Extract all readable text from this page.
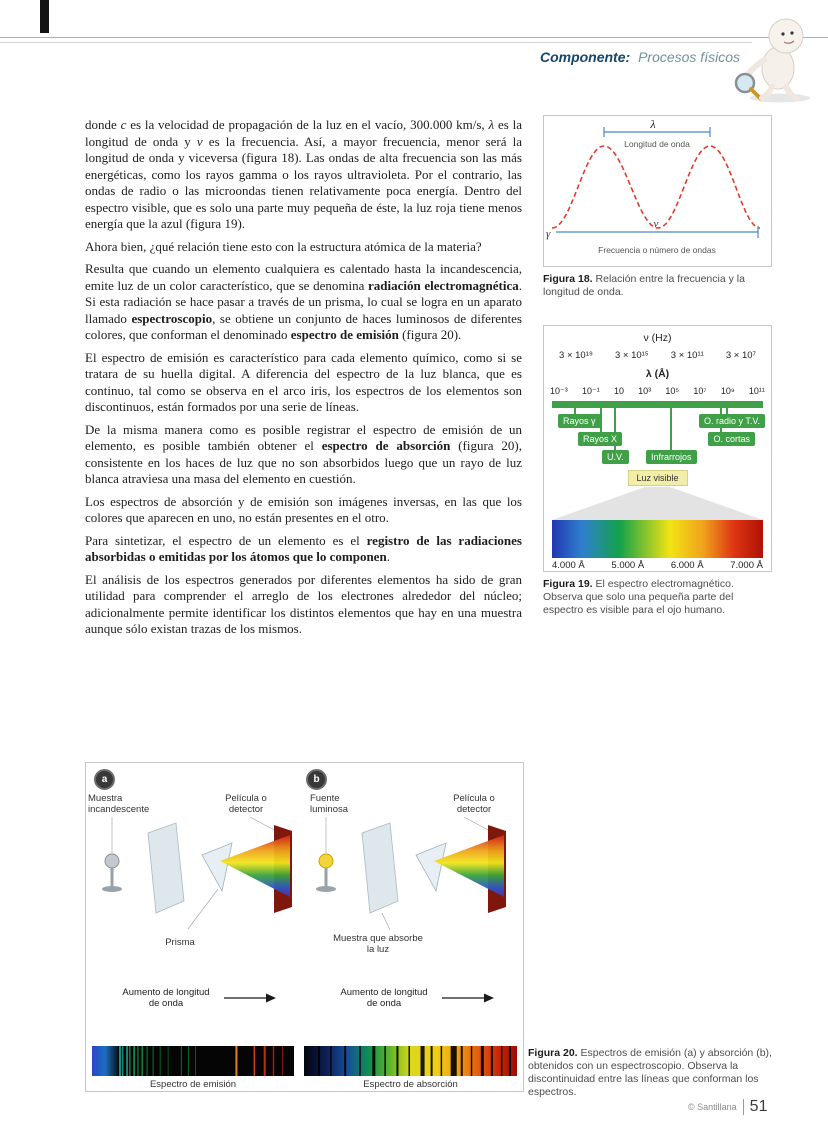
Componente: Procesos físicos

donde c es la velocidad de propagación de la luz en el vacío, 300.000 km/s, λ es la longitud de onda y ν es la frecuencia. Así, a mayor frecuencia, menor será la longitud de onda y viceversa (figura 18). Las ondas de alta frecuencia son las más energéticas, como los rayos gamma o los rayos ultravioleta. Por el contrario, las ondas de radio o las microondas tienen relativamente poca energía. Dentro del espectro visible, que es solo una parte muy pequeña de éste, la luz roja tiene menos energía que la azul (figura 19).

Ahora bien, ¿qué relación tiene esto con la estructura atómica de la materia?

Resulta que cuando un elemento cualquiera es calentado hasta la incandescencia, emite luz de un color característico, que se denomina radiación electromagnética. Si esta radiación se hace pasar a través de un prisma, lo cual se logra en un aparato llamado espectroscopio, se obtiene un conjunto de haces luminosos de diferentes colores, que conforman el denominado espectro de emisión (figura 20).

El espectro de emisión es característico para cada elemento químico, como si se tratara de su huella digital. A diferencia del espectro de la luz blanca, que es continuo, tal como se observa en el arco iris, los espectros de los elementos son discontinuos, están formados por una serie de líneas.

De la misma manera como es posible registrar el espectro de emisión de un elemento, es posible también obtener el espectro de absorción (figura 20), consistente en los haces de luz que no son absorbidos luego que un rayo de luz blanca atraviesa una masa del elemento en cuestión.

Los espectros de absorción y de emisión son imágenes inversas, en las que los colores que aparecen en uno, no están presentes en el otro.

Para sintetizar, el espectro de un elemento es el registro de las radiaciones absorbidas o emitidas por los átomos que lo componen.

El análisis de los espectros generados por diferentes elementos ha sido de gran utilidad para comprender el arreglo de los electrones alrededor del núcleo; adicionalmente permite identificar los distintos elementos que hay en una muestra aunque sólo existan trazas de los mismos.

λ
Longitud de onda
γ
ν
Frecuencia o número de ondas

Figura 18. Relación entre la frecuencia y la longitud de onda.

ν (Hz)
3 × 10¹⁹ 3 × 10¹⁵ 3 × 10¹¹ 3 × 10⁷
λ (Å)
10⁻³ 10⁻¹ 10 10³ 10⁵ 10⁷ 10⁹ 10¹¹
Rayos γ	O. radio y T.V.
Rayos X	O. cortas
U.V.	Infrarrojos
Luz visible
4.000 Å	5.000 Å	6.000 Å	7.000 Å

Figura 19. El espectro electromagnético. Observa que solo una pequeña parte del espectro es visible para el ojo humano.

a	b

Muestra incandescente

Película o detector

Fuente luminosa

Película o detector

Prisma	Muestra que absorbe la luz

Aumento de longitud de onda
Aumento de longitud de onda

Espectro de emisión	Espectro de absorción

Figura 20. Espectros de emisión (a) y absorción (b), obtenidos con un espectroscopio. Observa la discontinuidad entre las líneas que conforman los espectros.

© Santillana 51
